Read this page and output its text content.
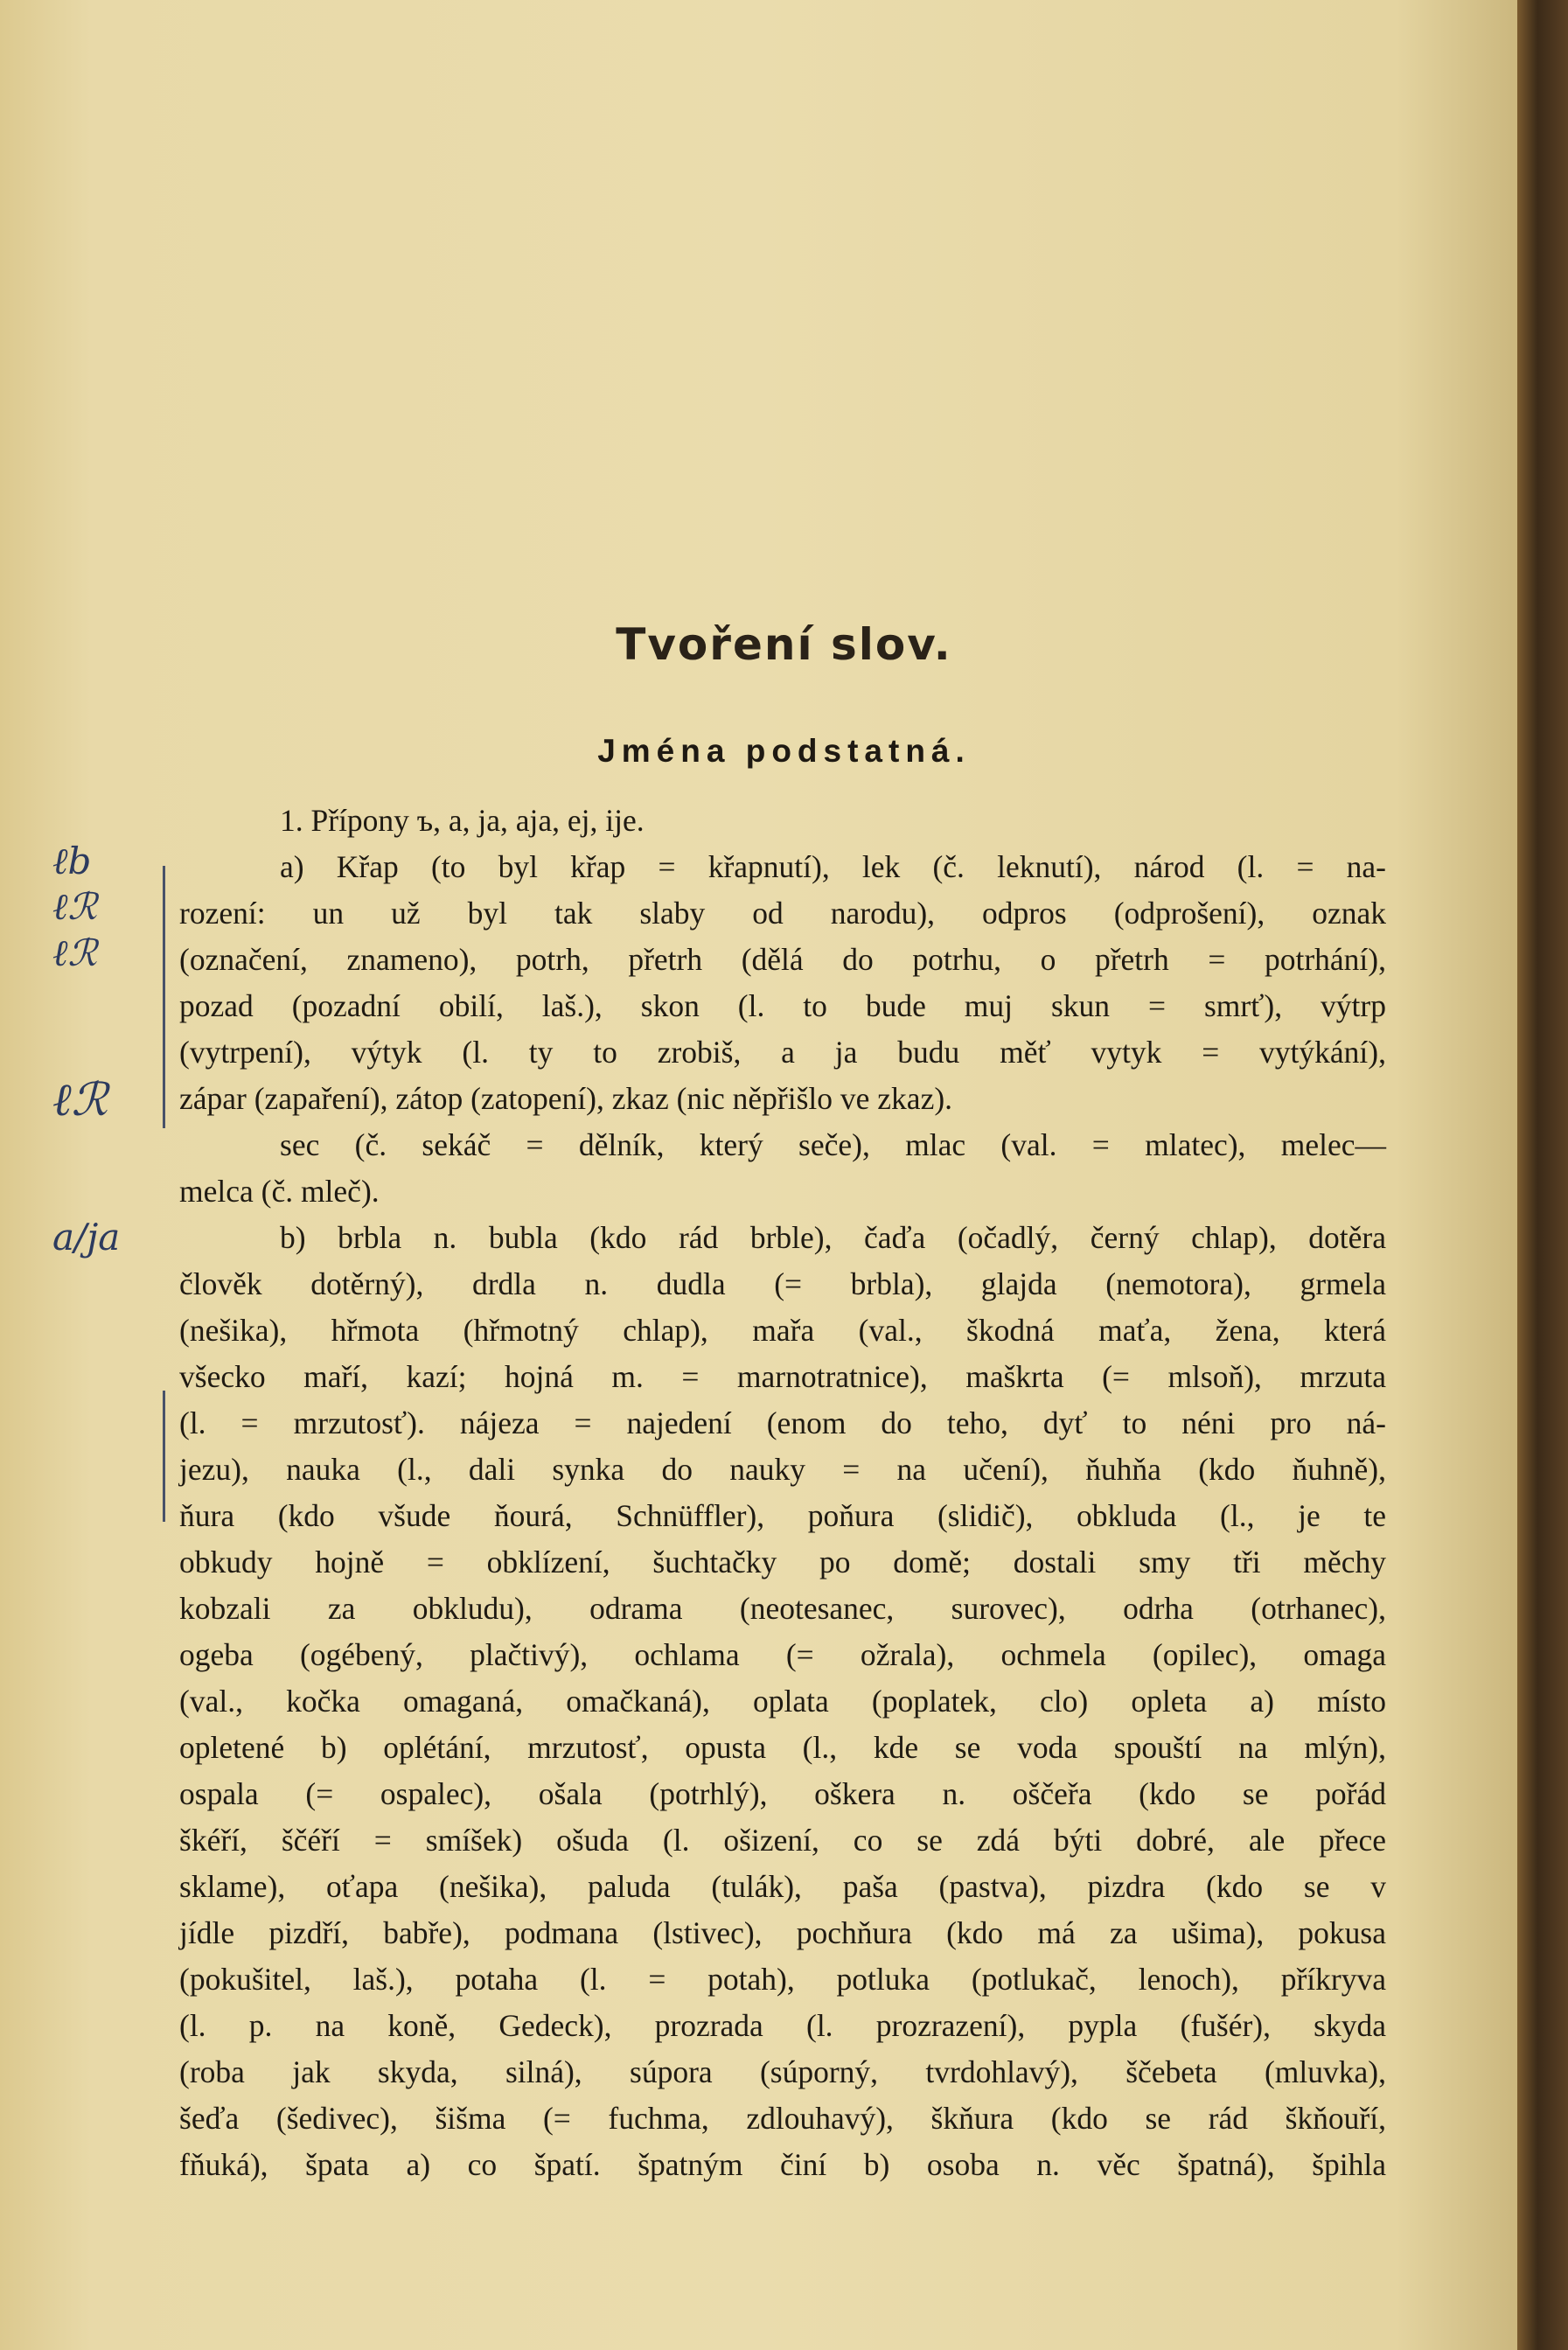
Tvoření slov.
Jména podstatná.
ℓb
ℓℛ
ℓℛ
ℓℛ
a/ja
1. Přípony ъ, a, ja, aja, ej, ije.
a) Křap (to byl křap = křapnutí), lek (č. leknutí), národ (l. = na-
rození: un už byl tak slaby od narodu), odpros (odprošení), oznak
(označení, znameno), potrh, přetrh (dělá do potrhu, o přetrh = potrhání),
pozad (pozadní obilí, laš.), skon (l. to bude muj skun = smrť), výtrp
(vytrpení), výtyk (l. ty to zrobiš, a ja budu měť vytyk = vytýkání),
zápar (zapaření), zátop (zatopení), zkaz (nic něpřišlo ve zkaz).
sec (č. sekáč = dělník, který seče), mlac (val. = mlatec), melec—
melca (č. mleč).
b) brbla n. bubla (kdo rád brble), čaďa (očadlý, černý chlap), dotěra
člověk dotěrný), drdla n. dudla (= brbla), glajda (nemotora), grmela
(nešika), hřmota (hřmotný chlap), mařa (val., škodná maťa, žena, která
všecko maří, kazí; hojná m. = marnotratnice), maškrta (= mlsoň), mrzuta
(l. = mrzutosť). nájeza = najedení (enom do teho, dyť to néni pro ná-
jezu), nauka (l., dali synka do nauky = na učení), ňuhňa (kdo ňuhně),
ňura (kdo všude ňourá, Schnüffler), poňura (slidič), obkluda (l., je te
obkudy hojně = obklízení, šuchtačky po domě; dostali smy tři měchy
kobzali za obkludu), odrama (neotesanec, surovec), odrha (otrhanec),
ogeba (ogébený, plačtivý), ochlama (= ožrala), ochmela (opilec), omaga
(val., kočka omaganá, omačkaná), oplata (poplatek, clo) opleta a) místo
opletené b) oplétání, mrzutosť, opusta (l., kde se voda spouští na mlýn),
ospala (= ospalec), ošala (potrhlý), oškera n. oščeřa (kdo se pořád
škéří, ščéří = smíšek) ošuda (l. ošizení, co se zdá býti dobré, ale přece
sklame), oťapa (nešika), paluda (tulák), paša (pastva), pizdra (kdo se v
jídle pizdří, babře), podmana (lstivec), pochňura (kdo má za ušima), pokusa
(pokušitel, laš.), potaha (l. = potah), potluka (potlukač, lenoch), příkryva
(l. p. na koně, Gedeck), prozrada (l. prozrazení), pypla (fušér), skyda
(roba jak skyda, silná), súpora (súporný, tvrdohlavý), ščebeta (mluvka),
šeďa (šedivec), šišma (= fuchma, zdlouhavý), škňura (kdo se rád škňouří,
fňuká), špata a) co špatí. špatným činí b) osoba n. věc špatná), špihla
